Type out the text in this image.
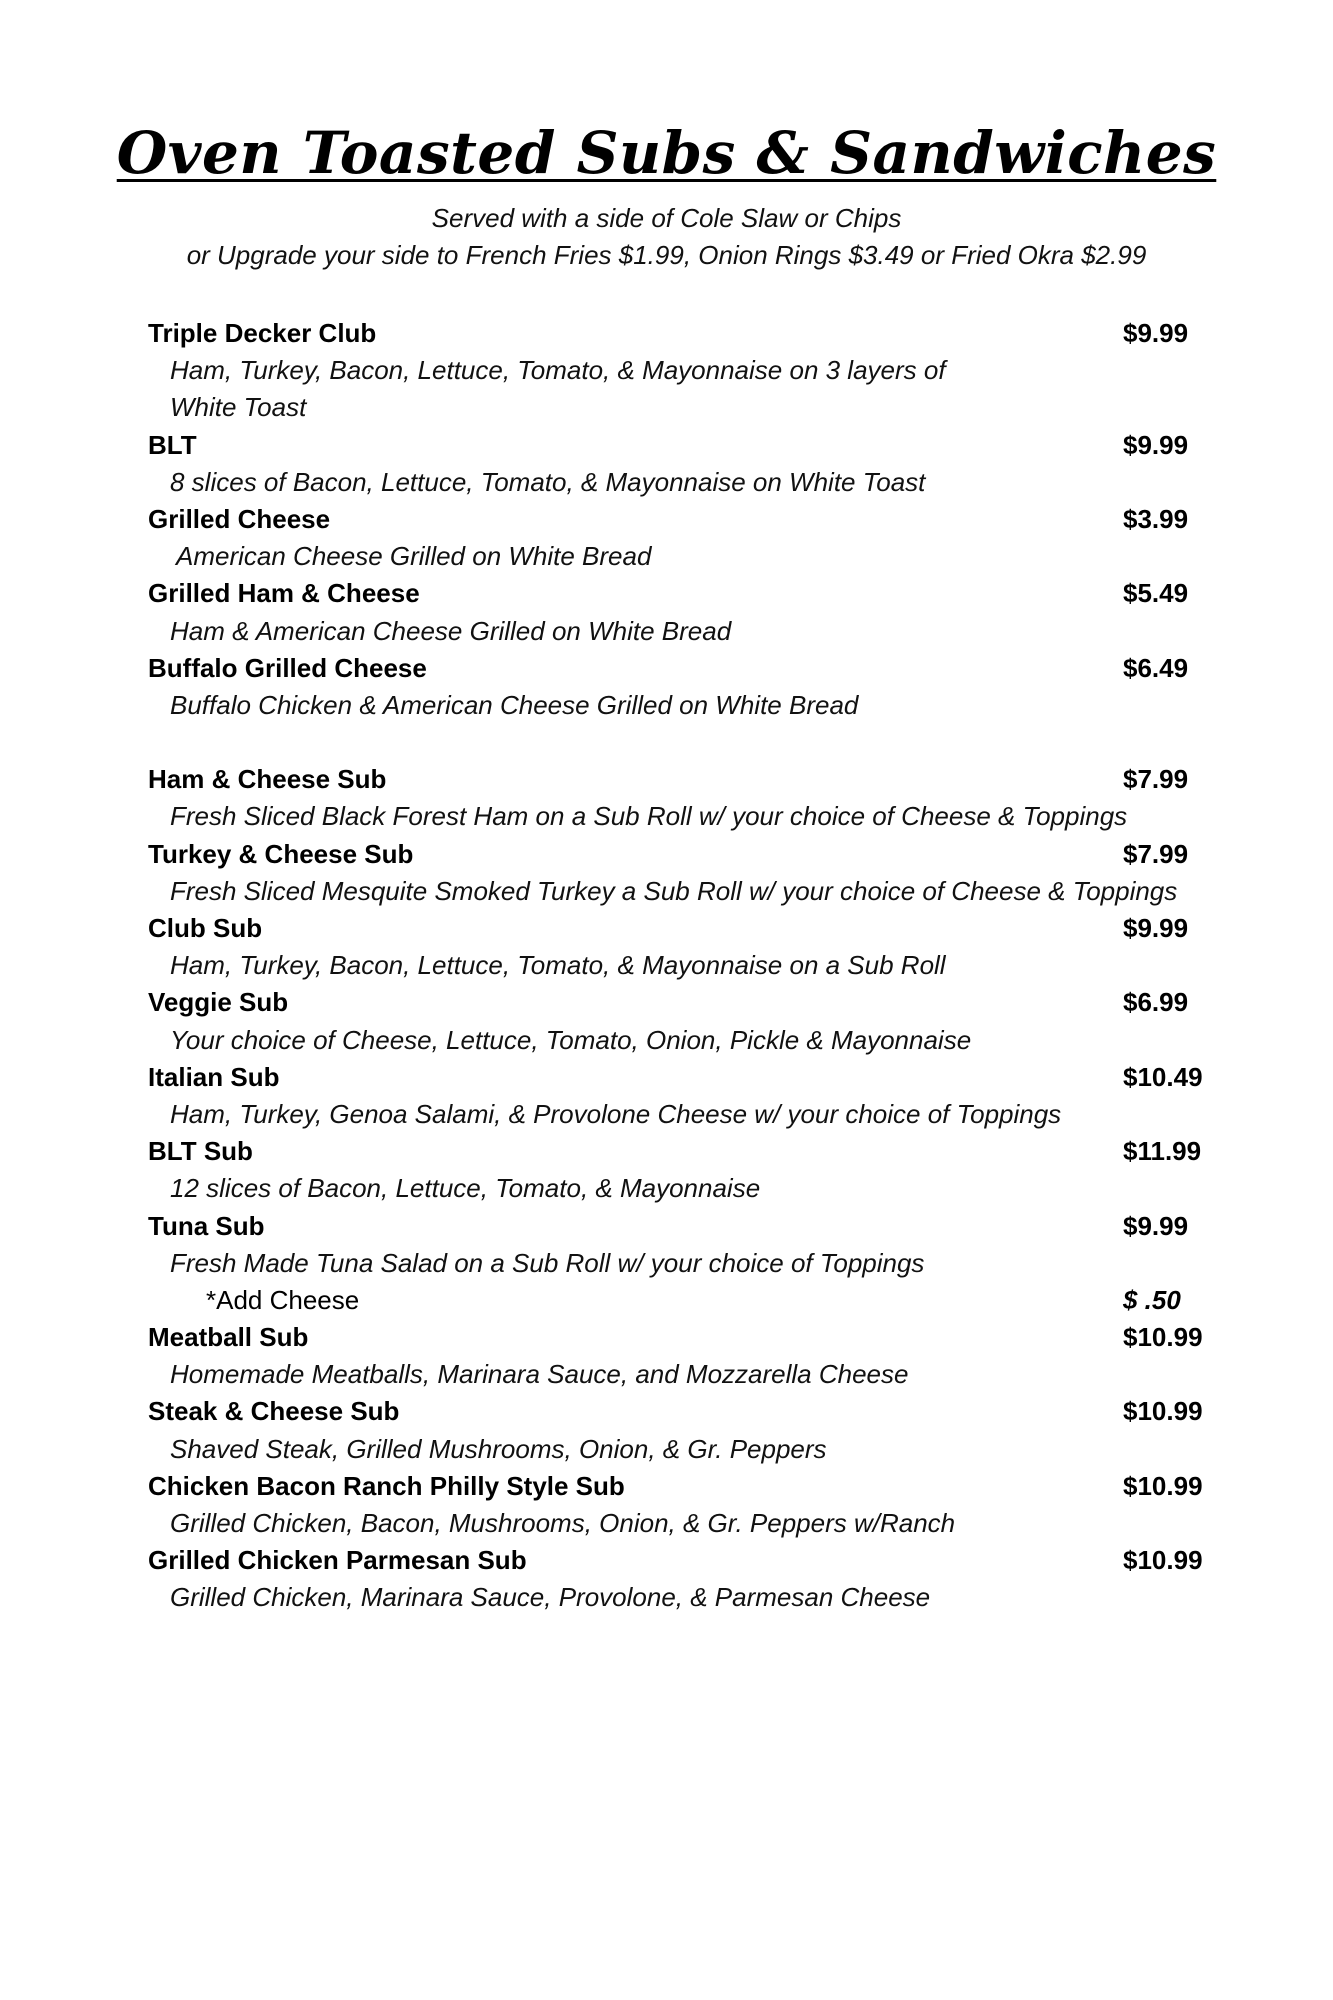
Oven Toasted Subs & Sandwiches
Served with a side of Cole Slaw or Chips
or Upgrade your side to French Fries $1.99, Onion Rings $3.49 or Fried Okra $2.99
Triple Decker Club	$9.99
Ham, Turkey, Bacon, Lettuce, Tomato, & Mayonnaise on 3 layers of
White Toast
BLT	$9.99
8 slices of Bacon, Lettuce, Tomato, & Mayonnaise on White Toast
Grilled Cheese	$3.99
American Cheese Grilled on White Bread
Grilled Ham & Cheese	$5.49
Ham & American Cheese Grilled on White Bread
Buffalo Grilled Cheese	$6.49
Buffalo Chicken & American Cheese Grilled on White Bread
Ham & Cheese Sub	$7.99
Fresh Sliced Black Forest Ham on a Sub Roll w/ your choice of Cheese & Toppings
Turkey & Cheese Sub	$7.99
Fresh Sliced Mesquite Smoked Turkey a Sub Roll w/ your choice of Cheese & Toppings
Club Sub	$9.99
Ham, Turkey, Bacon, Lettuce, Tomato, & Mayonnaise on a Sub Roll
Veggie Sub	$6.99
Your choice of Cheese, Lettuce, Tomato, Onion, Pickle & Mayonnaise
Italian Sub	$10.49
Ham, Turkey, Genoa Salami, & Provolone Cheese w/ your choice of Toppings
BLT Sub	$11.99
12 slices of Bacon, Lettuce, Tomato, & Mayonnaise
Tuna Sub	$9.99
Fresh Made Tuna Salad on a Sub Roll w/ your choice of Toppings
*Add Cheese	$ .50
Meatball Sub	$10.99
Homemade Meatballs, Marinara Sauce, and Mozzarella Cheese
Steak & Cheese Sub	$10.99
Shaved Steak, Grilled Mushrooms, Onion, & Gr. Peppers
Chicken Bacon Ranch Philly Style Sub	$10.99
Grilled Chicken, Bacon, Mushrooms, Onion, & Gr. Peppers w/Ranch
Grilled Chicken Parmesan Sub	$10.99
Grilled Chicken, Marinara Sauce, Provolone, & Parmesan Cheese
